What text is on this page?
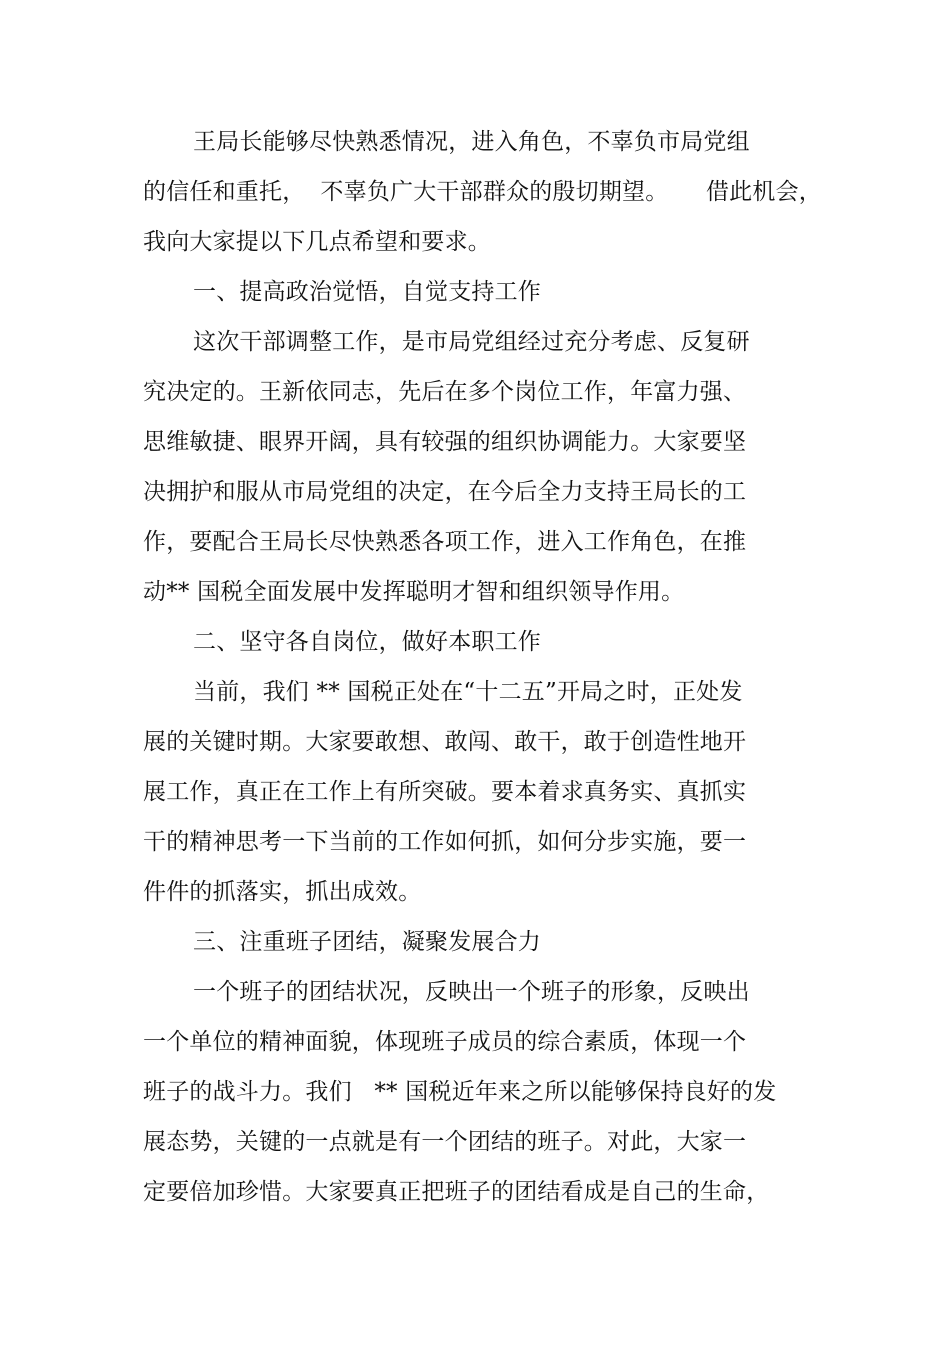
王局长能够尽快熟悉情况，进入角色，不辜负市局党组
的信任和重托，  不辜负广大干部群众的殷切期望。     借此机会，
我向大家提以下几点希望和要求。
一、提高政治觉悟，自觉支持工作
这次干部调整工作，是市局党组经过充分考虑、反复研
究决定的。王新依同志，先后在多个岗位工作，年富力强、
思维敏捷、眼界开阔，具有较强的组织协调能力。大家要坚
决拥护和服从市局党组的决定，在今后全力支持王局长的工
作，要配合王局长尽快熟悉各项工作，进入工作角色，在推
动** 国税全面发展中发挥聪明才智和组织领导作用。
二、坚守各自岗位，做好本职工作
当前，我们 ** 国税正处在“十二五”开局之时，正处发
展的关键时期。大家要敢想、敢闯、敢干，敢于创造性地开
展工作，真正在工作上有所突破。要本着求真务实、真抓实
干的精神思考一下当前的工作如何抓，如何分步实施，要一
件件的抓落实，抓出成效。
三、注重班子团结，凝聚发展合力
一个班子的团结状况，反映出一个班子的形象，反映出
一个单位的精神面貌，体现班子成员的综合素质，体现一个
班子的战斗力。我们   ** 国税近年来之所以能够保持良好的发
展态势，关键的一点就是有一个团结的班子。对此，大家一
定要倍加珍惜。大家要真正把班子的团结看成是自己的生命，
